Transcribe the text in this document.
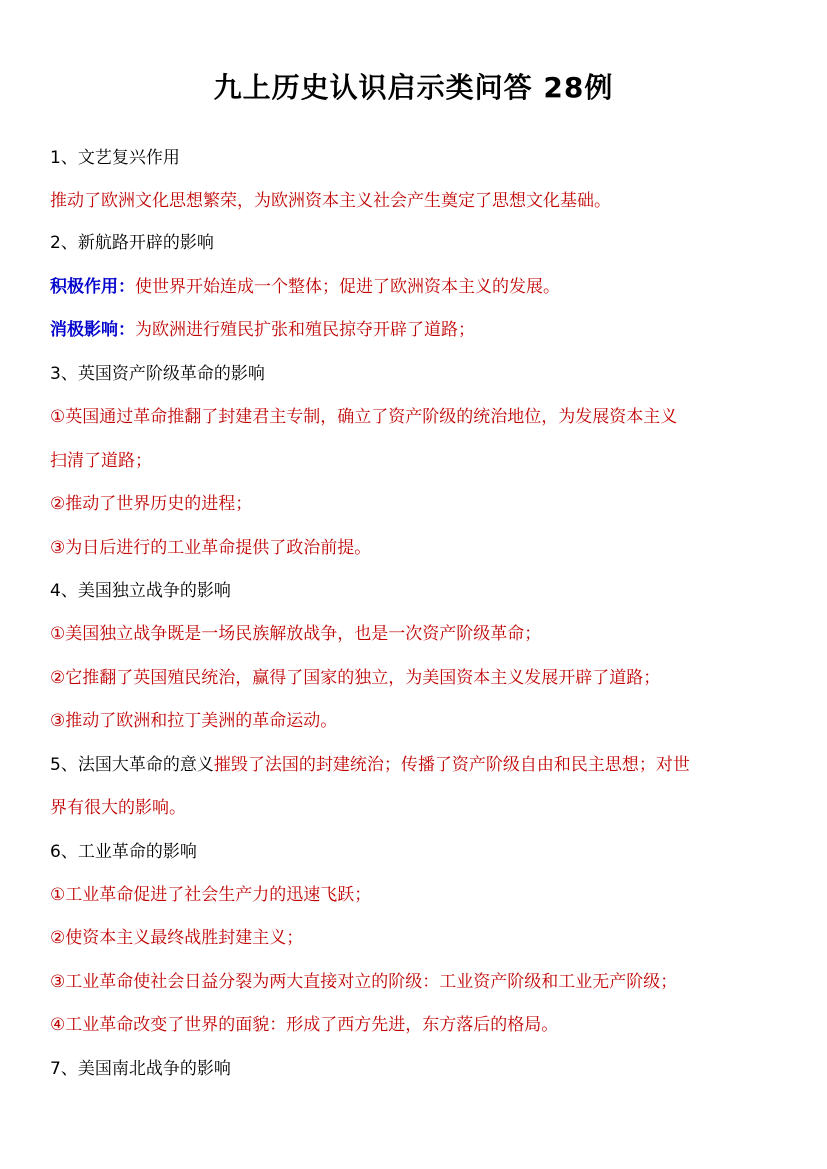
九上历史认识启示类问答 28例
1、文艺复兴作用
推动了欧洲文化思想繁荣，为欧洲资本主义社会产生奠定了思想文化基础。
2、新航路开辟的影响
积极作用：使世界开始连成一个整体；促进了欧洲资本主义的发展。
消极影响：为欧洲进行殖民扩张和殖民掠夺开辟了道路；
3、英国资产阶级革命的影响
①英国通过革命推翻了封建君主专制，确立了资产阶级的统治地位，为发展资本主义
扫清了道路；
②推动了世界历史的进程；
③为日后进行的工业革命提供了政治前提。
4、美国独立战争的影响
①美国独立战争既是一场民族解放战争，也是一次资产阶级革命；
②它推翻了英国殖民统治，赢得了国家的独立，为美国资本主义发展开辟了道路；
③推动了欧洲和拉丁美洲的革命运动。
5、法国大革命的意义摧毁了法国的封建统治；传播了资产阶级自由和民主思想；对世
界有很大的影响。
6、工业革命的影响
①工业革命促进了社会生产力的迅速飞跃；
②使资本主义最终战胜封建主义；
③工业革命使社会日益分裂为两大直接对立的阶级：工业资产阶级和工业无产阶级；
④工业革命改变了世界的面貌：形成了西方先进，东方落后的格局。
7、美国南北战争的影响
